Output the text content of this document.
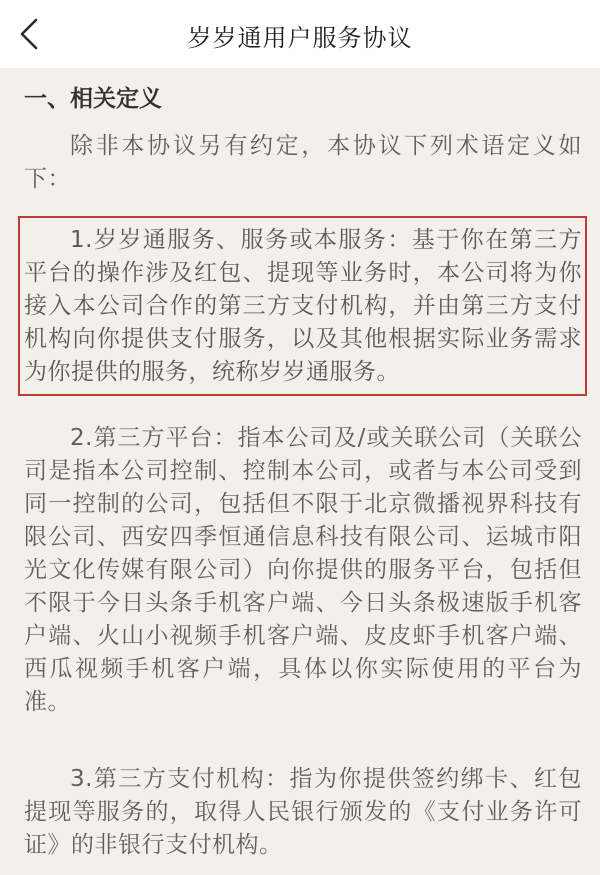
岁岁通用户服务协议
一、相关定义
除非本协议另有约定，本协议下列术语定义如下：
1.岁岁通服务、服务或本服务：基于你在第三方平台的操作涉及红包、提现等业务时，本公司将为你接入本公司合作的第三方支付机构，并由第三方支付机构向你提供支付服务，以及其他根据实际业务需求为你提供的服务，统称岁岁通服务。
2.第三方平台：指本公司及/或关联公司（关联公司是指本公司控制、控制本公司，或者与本公司受到同一控制的公司，包括但不限于北京微播视界科技有限公司、西安四季恒通信息科技有限公司、运城市阳光文化传媒有限公司）向你提供的服务平台，包括但不限于今日头条手机客户端、今日头条极速版手机客户端、火山小视频手机客户端、皮皮虾手机客户端、西瓜视频手机客户端，具体以你实际使用的平台为准。
3.第三方支付机构：指为你提供签约绑卡、红包提现等服务的，取得人民银行颁发的《支付业务许可证》的非银行支付机构。
